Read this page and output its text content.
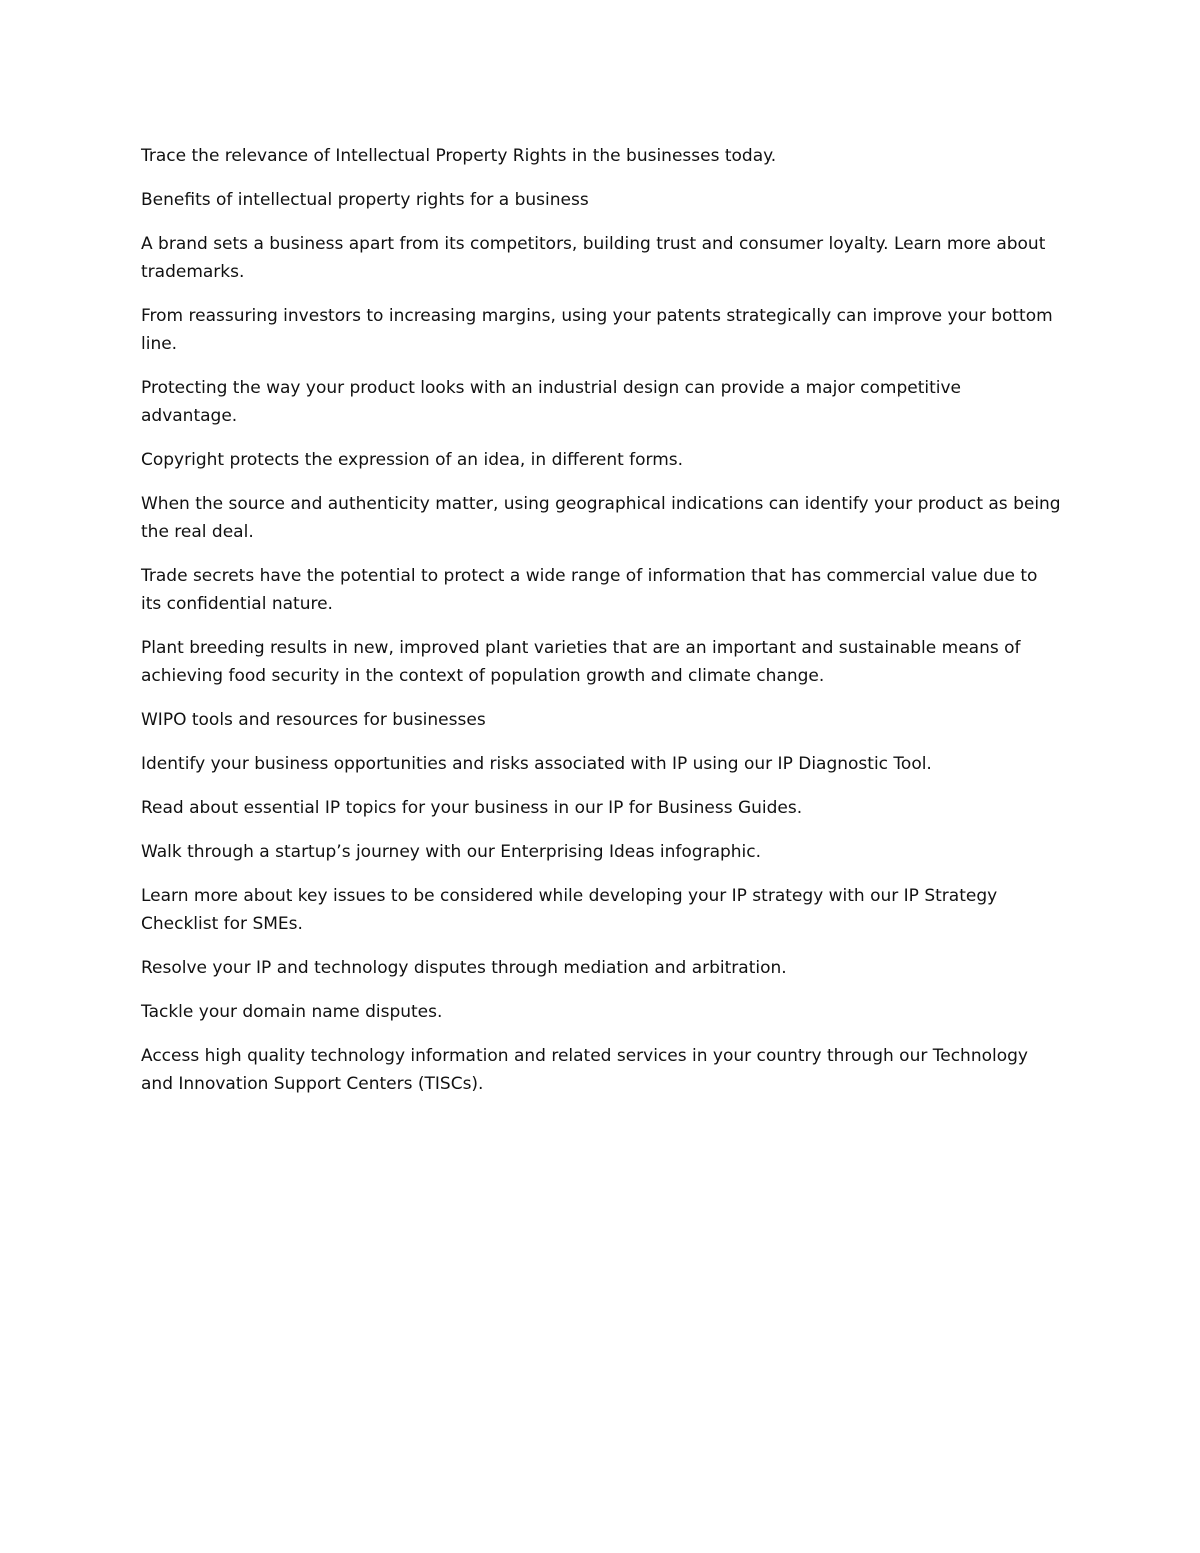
Trace the relevance of Intellectual Property Rights in the businesses today.

Benefits of intellectual property rights for a business

A brand sets a business apart from its competitors, building trust and consumer loyalty. Learn more about trademarks.

From reassuring investors to increasing margins, using your patents strategically can improve your bottom line.

Protecting the way your product looks with an industrial design can provide a major competitive advantage.

Copyright protects the expression of an idea, in different forms.

When the source and authenticity matter, using geographical indications can identify your product as being the real deal.

Trade secrets have the potential to protect a wide range of information that has commercial value due to its confidential nature.

Plant breeding results in new, improved plant varieties that are an important and sustainable means of achieving food security in the context of population growth and climate change.

WIPO tools and resources for businesses

Identify your business opportunities and risks associated with IP using our IP Diagnostic Tool.

Read about essential IP topics for your business in our IP for Business Guides.

Walk through a startup’s journey with our Enterprising Ideas infographic.

Learn more about key issues to be considered while developing your IP strategy with our IP Strategy Checklist for SMEs.

Resolve your IP and technology disputes through mediation and arbitration.

Tackle your domain name disputes.

Access high quality technology information and related services in your country through our Technology and Innovation Support Centers (TISCs).
